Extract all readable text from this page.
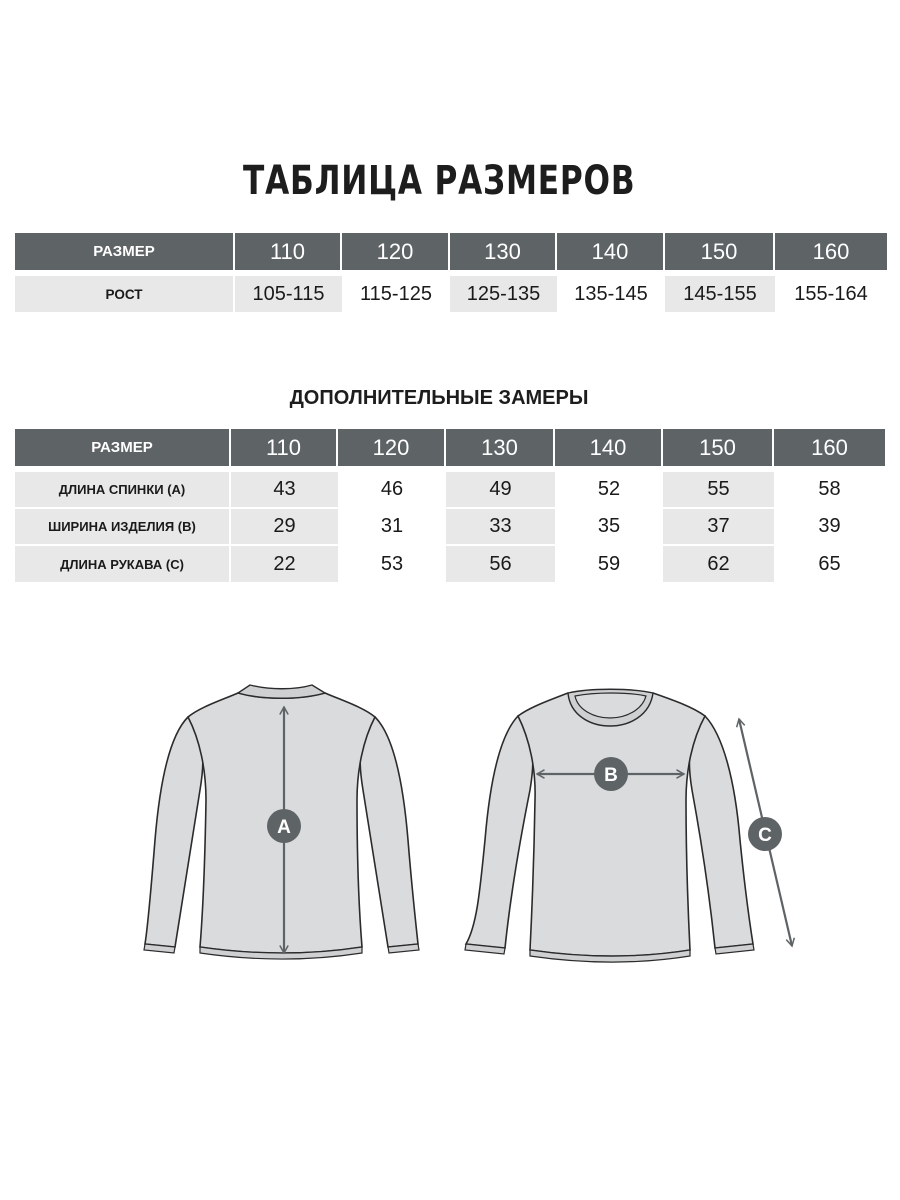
ТАБЛИЦА РАЗМЕРОВ
РАЗМЕР	110	120	130	140	150	160
РОСТ	105-115	115-125	125-135	135-145	145-155	155-164
ДОПОЛНИТЕЛЬНЫЕ ЗАМЕРЫ
РАЗМЕР	110	120	130	140	150	160
ДЛИНА СПИНКИ (А)	43	46	49	52	55	58
ШИРИНА ИЗДЕЛИЯ (В)	29	31	33	35	37	39
ДЛИНА РУКАВА (С)	22	53	56	59	62	65
A
B
C
